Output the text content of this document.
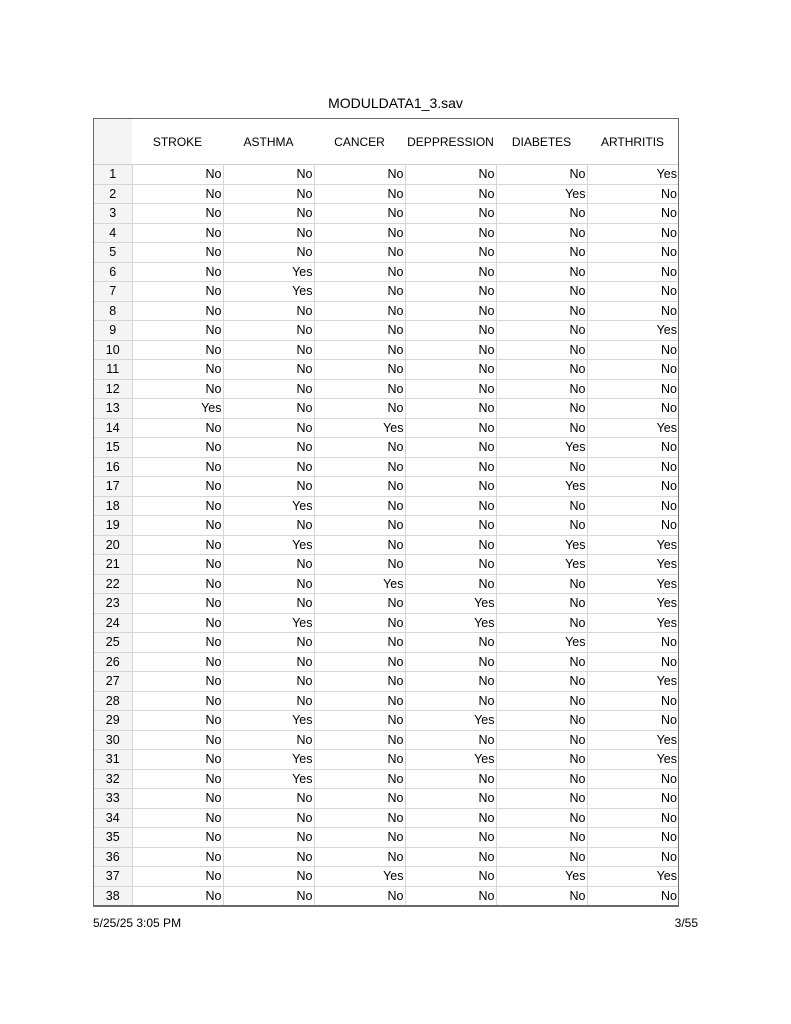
MODULDATA1_3.sav
	STROKE	ASTHMA	CANCER	DEPPRESSION	DIABETES	ARTHRITIS
1	No	No	No	No	No	Yes
2	No	No	No	No	Yes	No
3	No	No	No	No	No	No
4	No	No	No	No	No	No
5	No	No	No	No	No	No
6	No	Yes	No	No	No	No
7	No	Yes	No	No	No	No
8	No	No	No	No	No	No
9	No	No	No	No	No	Yes
10	No	No	No	No	No	No
11	No	No	No	No	No	No
12	No	No	No	No	No	No
13	Yes	No	No	No	No	No
14	No	No	Yes	No	No	Yes
15	No	No	No	No	Yes	No
16	No	No	No	No	No	No
17	No	No	No	No	Yes	No
18	No	Yes	No	No	No	No
19	No	No	No	No	No	No
20	No	Yes	No	No	Yes	Yes
21	No	No	No	No	Yes	Yes
22	No	No	Yes	No	No	Yes
23	No	No	No	Yes	No	Yes
24	No	Yes	No	Yes	No	Yes
25	No	No	No	No	Yes	No
26	No	No	No	No	No	No
27	No	No	No	No	No	Yes
28	No	No	No	No	No	No
29	No	Yes	No	Yes	No	No
30	No	No	No	No	No	Yes
31	No	Yes	No	Yes	No	Yes
32	No	Yes	No	No	No	No
33	No	No	No	No	No	No
34	No	No	No	No	No	No
35	No	No	No	No	No	No
36	No	No	No	No	No	No
37	No	No	Yes	No	Yes	Yes
38	No	No	No	No	No	No
5/25/25 3:05 PM	3/55
